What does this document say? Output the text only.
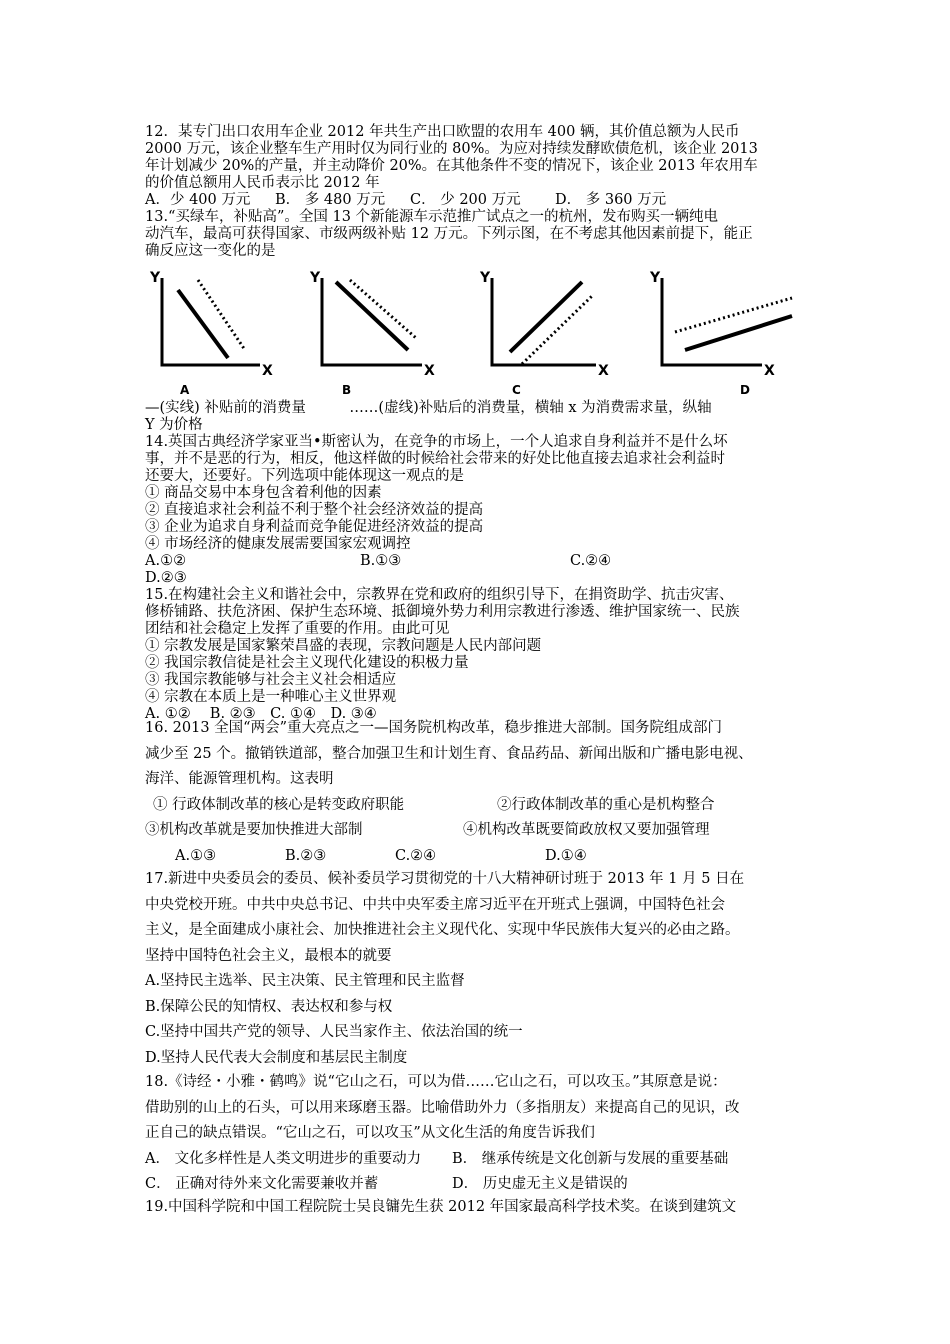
12．某专门出口农用车企业 2012 年共生产出口欧盟的农用车 400 辆，其价值总额为人民币
2000 万元，该企业整车生产用时仅为同行业的 80%。为应对持续发酵欧债危机，该企业 2013
年计划减少 20%的产量，并主动降价 20%。在其他条件不变的情况下，该企业 2013 年农用车
的价值总额用人民币表示比 2012 年
A．少 400 万元 B． 多 480 万元 C． 少 200 万元 D． 多 360 万元
13.“买绿车，补贴高”。全国 13 个新能源车示范推广试点之一的杭州，发布购买一辆纯电
动汽车，最高可获得国家、市级两级补贴 12 万元。下列示图，在不考虑其他因素前提下，能正
确反应这一变化的是
Y
X
A
Y
X
B
Y
X
C
Y
X
D
—(实线) 补贴前的消费量　　　……(虚线)补贴后的消费量，横轴 x 为消费需求量，纵轴
Y 为价格
14.英国古典经济学家亚当•斯密认为，在竞争的市场上，一个人追求自身利益并不是什么坏
事，并不是恶的行为，相反，他这样做的时候给社会带来的好处比他直接去追求社会利益时
还要大，还要好。下列选项中能体现这一观点的是
① 商品交易中本身包含着利他的因素
② 直接追求社会利益不利于整个社会经济效益的提高
③ 企业为追求自身利益而竞争能促进经济效益的提高
④ 市场经济的健康发展需要国家宏观调控
A.①②	B.①③	C.②④
D.②③
15.在构建社会主义和谐社会中，宗教界在党和政府的组织引导下，在捐资助学、抗击灾害、
修桥铺路、扶危济困、保护生态环境、抵御境外势力利用宗教进行渗透、维护国家统一、民族
团结和社会稳定上发挥了重要的作用。由此可见
① 宗教发展是国家繁荣昌盛的表现，宗教问题是人民内部问题
② 我国宗教信徒是社会主义现代化建设的积极力量
③ 我国宗教能够与社会主义社会相适应
④ 宗教在本质上是一种唯心主义世界观
A. ①②　 B. ②③　C. ①④　D. ③④
16. 2013 全国“两会”重大亮点之一—国务院机构改革，稳步推进大部制。国务院组成部门
减少至 25 个。撤销铁道部，整合加强卫生和计划生育、食品药品、新闻出版和广播电影电视、
海洋、能源管理机构。这表明
① 行政体制改革的核心是转变政府职能	②行政体制改革的重心是机构整合
③机构改革就是要加快推进大部制	④机构改革既要简政放权又要加强管理
A.①③	B.②③	C.②④	D.①④
17.新进中央委员会的委员、候补委员学习贯彻党的十八大精神研讨班于 2013 年 1 月 5 日在
中央党校开班。中共中央总书记、中共中央军委主席习近平在开班式上强调，中国特色社会
主义，是全面建成小康社会、加快推进社会主义现代化、实现中华民族伟大复兴的必由之路。
坚持中国特色社会主义，最根本的就要
A.坚持民主选举、民主决策、民主管理和民主监督
B.保障公民的知情权、表达权和参与权
C.坚持中国共产党的领导、人民当家作主、依法治国的统一
D.坚持人民代表大会制度和基层民主制度
18.《诗经・小雅・鹤鸣》说“它山之石，可以为借……它山之石，可以攻玉。”其原意是说：
借助别的山上的石头，可以用来琢磨玉器。比喻借助外力（多指朋友）来提高自己的见识，改
正自己的缺点错误。“它山之石，可以攻玉”从文化生活的角度告诉我们
A． 文化多样性是人类文明进步的重要动力 B． 继承传统是文化创新与发展的重要基础
C． 正确对待外来文化需要兼收并蓄	D． 历史虚无主义是错误的
19.中国科学院和中国工程院院士吴良镛先生获 2012 年国家最高科学技术奖。在谈到建筑文
